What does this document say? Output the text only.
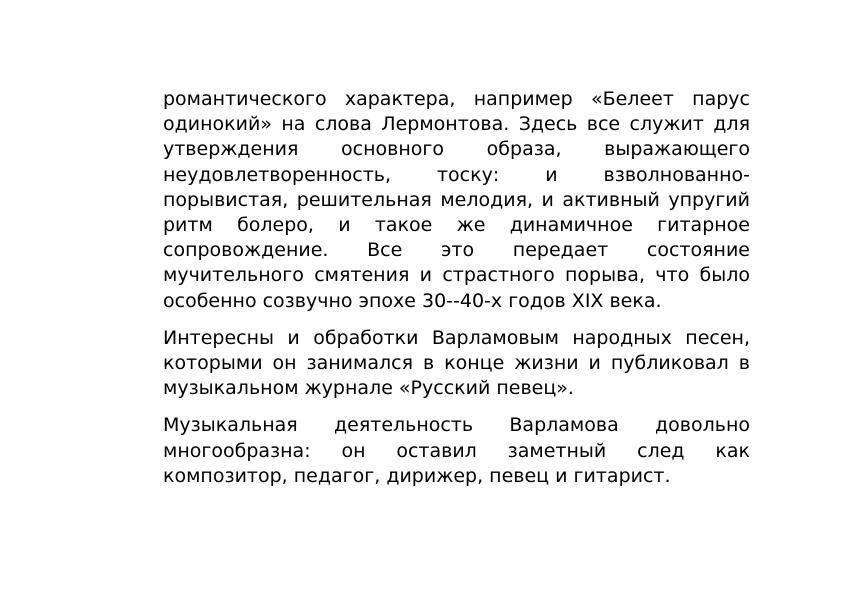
романтического характера, например «Белеет парус одинокий» на слова Лермонтова. Здесь все служит для утверждения основного образа, выражающего неудовлетворенность, тоску: и взволнованно-порывистая, решительная мелодия, и активный упругий ритм болеро, и такое же динамичное гитарное сопровождение. Все это передает состояние мучительного смятения и страстного порыва, что было особенно созвучно эпохе 30--40-х годов XIX века.

Интересны и обработки Варламовым народных песен, которыми он занимался в конце жизни и публиковал в музыкальном журнале «Русский певец».

Музыкальная деятельность Варламова довольно многообразна: он оставил заметный след как композитор, педагог, дирижер, певец и гитарист.
